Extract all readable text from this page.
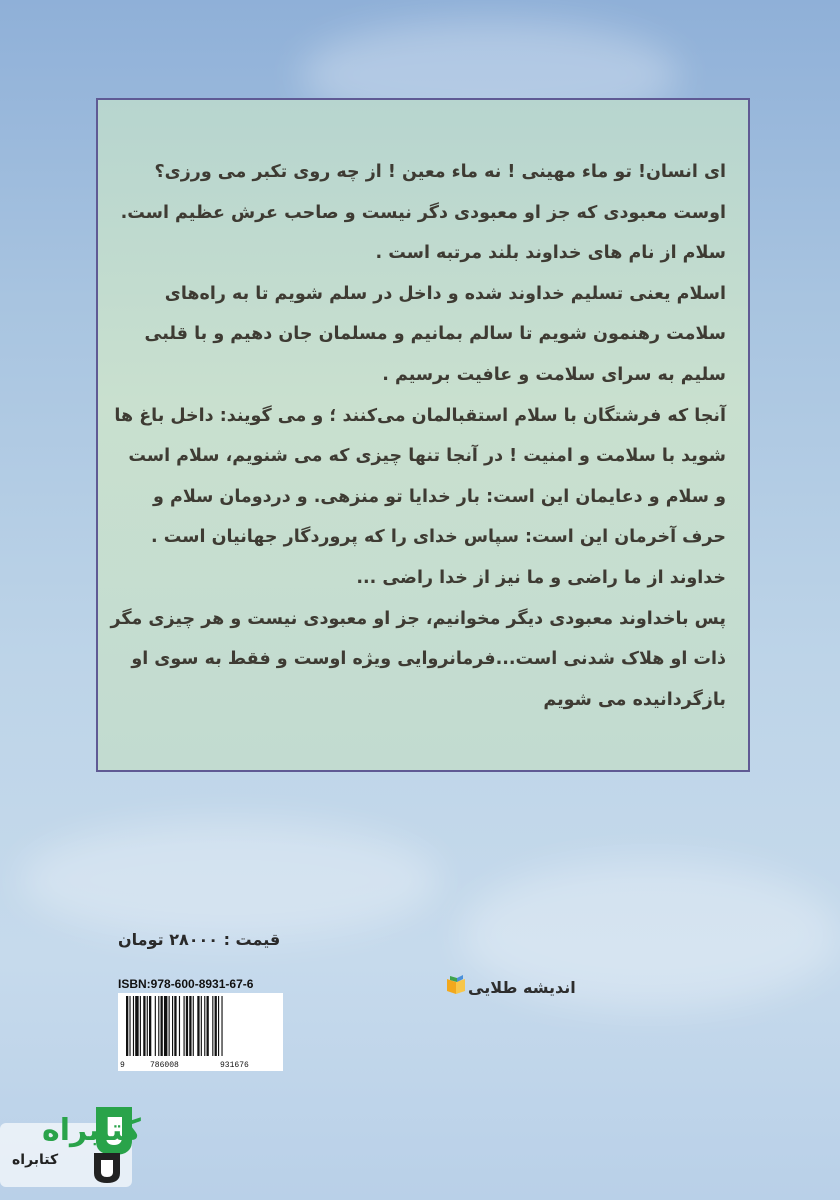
ای انسان! تو ماء مهینی ! نه ماء معین ! از چه روی تکبر می ورزی؟

اوست معبودی که جز او معبودی دگر نیست و صاحب عرش عظیم است.

سلام از نام های خداوند بلند مرتبه است .

اسلام یعنی تسلیم خداوند شده و داخل در سلم شویم تا به راه‌های

سلامت رهنمون شویم تا سالم بمانیم و مسلمان جان دهیم و با قلبی

سلیم به سرای سلامت و عافیت برسیم .

آنجا که فرشتگان با سلام استقبالمان می‌کنند ؛ و می گویند: داخل باغ ها

شوید با سلامت و امنیت ! در آنجا تنها چیزی که می شنویم، سلام است

و سلام و دعایمان این است: بار خدایا تو منزهی. و دردومان سلام و

حرف آخرمان این است: سپاس خدای را که پروردگار جهانیان است .

خداوند از ما راضی و ما نیز از خدا راضی ...

پس باخداوند معبودی دیگر مخوانیم، جز او معبودی نیست و هر چیزی مگر

ذات او هلاک شدنی است...فرمانروایی ویژه اوست و فقط به سوی او

بازگردانیده می شویم

قیمت : ۲۸۰۰۰ تومان
ISBN:978-600-8931-67-6
9	786008	931676
اندیشه طلایی
کتابراه
کتابراه
